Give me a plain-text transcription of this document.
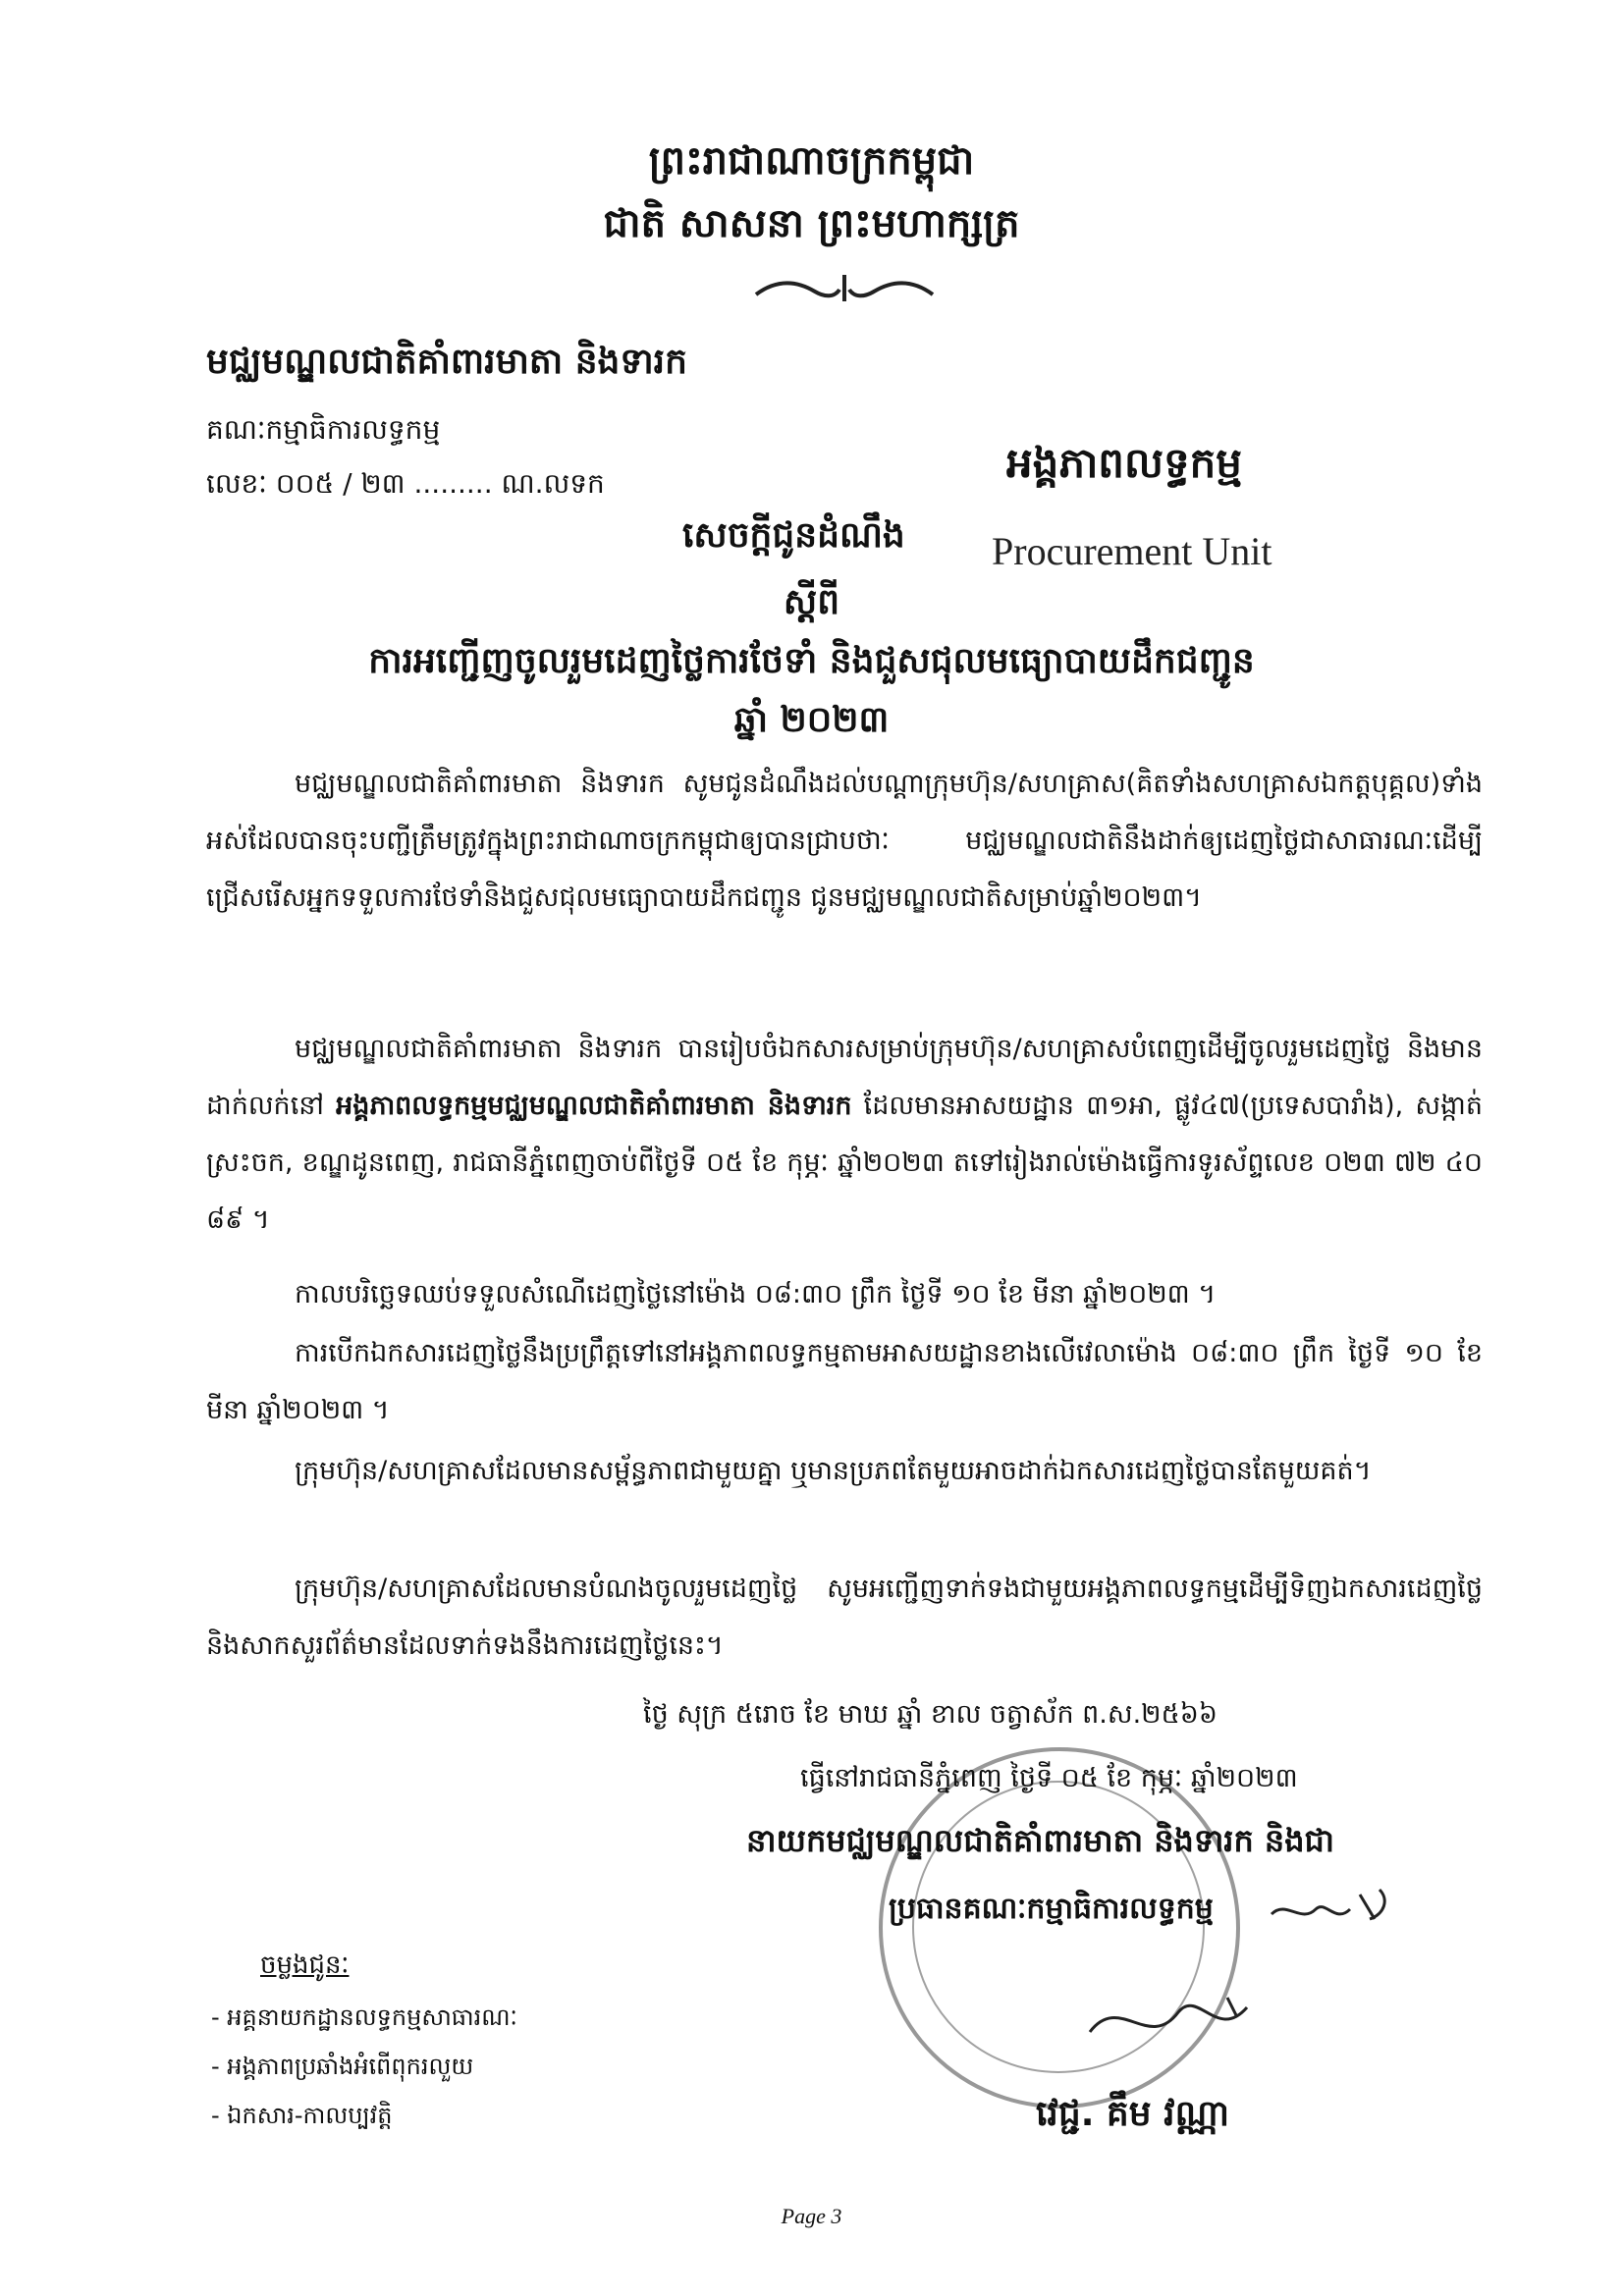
ព្រះរាជាណាចក្រកម្ពុជា
ជាតិ សាសនា ព្រះមហាក្សត្រ
មជ្ឈមណ្ឌលជាតិគាំពារមាតា និងទារក
គណៈកម្មាធិការលទ្ធកម្ម
លេខៈ ០០៥ / ២៣ ......... ណ.លទក	អង្គភាពលទ្ធកម្ម
សេចក្តីជូនដំណឹង Procurement Unit
ស្តីពី
ការអញ្ជើញចូលរួមដេញថ្លៃការថែទាំ និងជួសជុលមធ្យោបាយដឹកជញ្ជូន
ឆ្នាំ ២០២៣
មជ្ឈមណ្ឌលជាតិគាំពារមាតា និងទារក សូមជូនដំណឹងដល់បណ្តាក្រុមហ៊ុន/សហគ្រាស(គិតទាំងសហគ្រាសឯកត្តបុគ្គល)ទាំងអស់ដែលបានចុះបញ្ជីត្រឹមត្រូវក្នុងព្រះរាជាណាចក្រកម្ពុជាឲ្យបានជ្រាបថាៈ មជ្ឈមណ្ឌលជាតិនឹងដាក់ឲ្យដេញថ្លៃជាសាធារណៈដើម្បីជ្រើសរើសអ្នកទទួលការថែទាំនិងជួសជុលមធ្យោបាយដឹកជញ្ជូន ជូនមជ្ឈមណ្ឌលជាតិសម្រាប់ឆ្នាំ២០២៣។
មជ្ឈមណ្ឌលជាតិគាំពារមាតា និងទារក បានរៀបចំឯកសារសម្រាប់ក្រុមហ៊ុន/សហគ្រាសបំពេញដើម្បីចូលរួមដេញថ្លៃ និងមានដាក់លក់នៅ អង្គភាពលទ្ធកម្មមជ្ឈមណ្ឌលជាតិគាំពារមាតា និងទារក ដែលមានអាសយដ្ឋាន ៣១អា, ផ្លូវ៤៧(ប្រទេសបារាំង), សង្កាត់ស្រះចក, ខណ្ឌដូនពេញ, រាជធានីភ្នំពេញចាប់ពីថ្ងៃទី ០៥ ខែ កុម្ភៈ ឆ្នាំ២០២៣ តទៅរៀងរាល់ម៉ោងធ្វើការទូរស័ព្ទលេខ ០២៣ ៧២ ៤០ ៨៩ ។
កាលបរិច្ឆេទឈប់ទទួលសំណើដេញថ្លៃនៅម៉ោង ០៨:៣០ ព្រឹក ថ្ងៃទី ១០ ខែ មីនា ឆ្នាំ២០២៣ ។
ការបើកឯកសារដេញថ្លៃនឹងប្រព្រឹត្តទៅនៅអង្គភាពលទ្ធកម្មតាមអាសយដ្ឋានខាងលើវេលាម៉ោង ០៨:៣០ ព្រឹក ថ្ងៃទី ១០ ខែ មីនា ឆ្នាំ២០២៣ ។
ក្រុមហ៊ុន/សហគ្រាសដែលមានសម្ព័ន្ធភាពជាមួយគ្នា ឬមានប្រភពតែមួយអាចដាក់ឯកសារដេញថ្លៃបានតែមួយគត់។
ក្រុមហ៊ុន/សហគ្រាសដែលមានបំណងចូលរួមដេញថ្លៃ សូមអញ្ជើញទាក់ទងជាមួយអង្គភាពលទ្ធកម្មដើម្បីទិញឯកសារដេញថ្លៃនិងសាកសួរព័ត៌មានដែលទាក់ទងនឹងការដេញថ្លៃនេះ។
ថ្ងៃ សុក្រ ៥រោច ខែ មាឃ ឆ្នាំ ខាល ចត្វាស័ក ព.ស.២៥៦៦
ធ្វើនៅរាជធានីភ្នំពេញ ថ្ងៃទី ០៥ ខែ កុម្ភៈ ឆ្នាំ២០២៣
នាយកមជ្ឈមណ្ឌលជាតិគាំពារមាតា និងទារក និងជា
ប្រធានគណៈកម្មាធិការលទ្ធកម្ម
វេជ្ជ. គឹម វណ្ណា
ចម្លងជូនៈ
- អគ្គនាយកដ្ឋានលទ្ធកម្មសាធារណៈ
- អង្គភាពប្រឆាំងអំពើពុករលួយ
- ឯកសារ-កាលប្បវត្តិ
Page 3
